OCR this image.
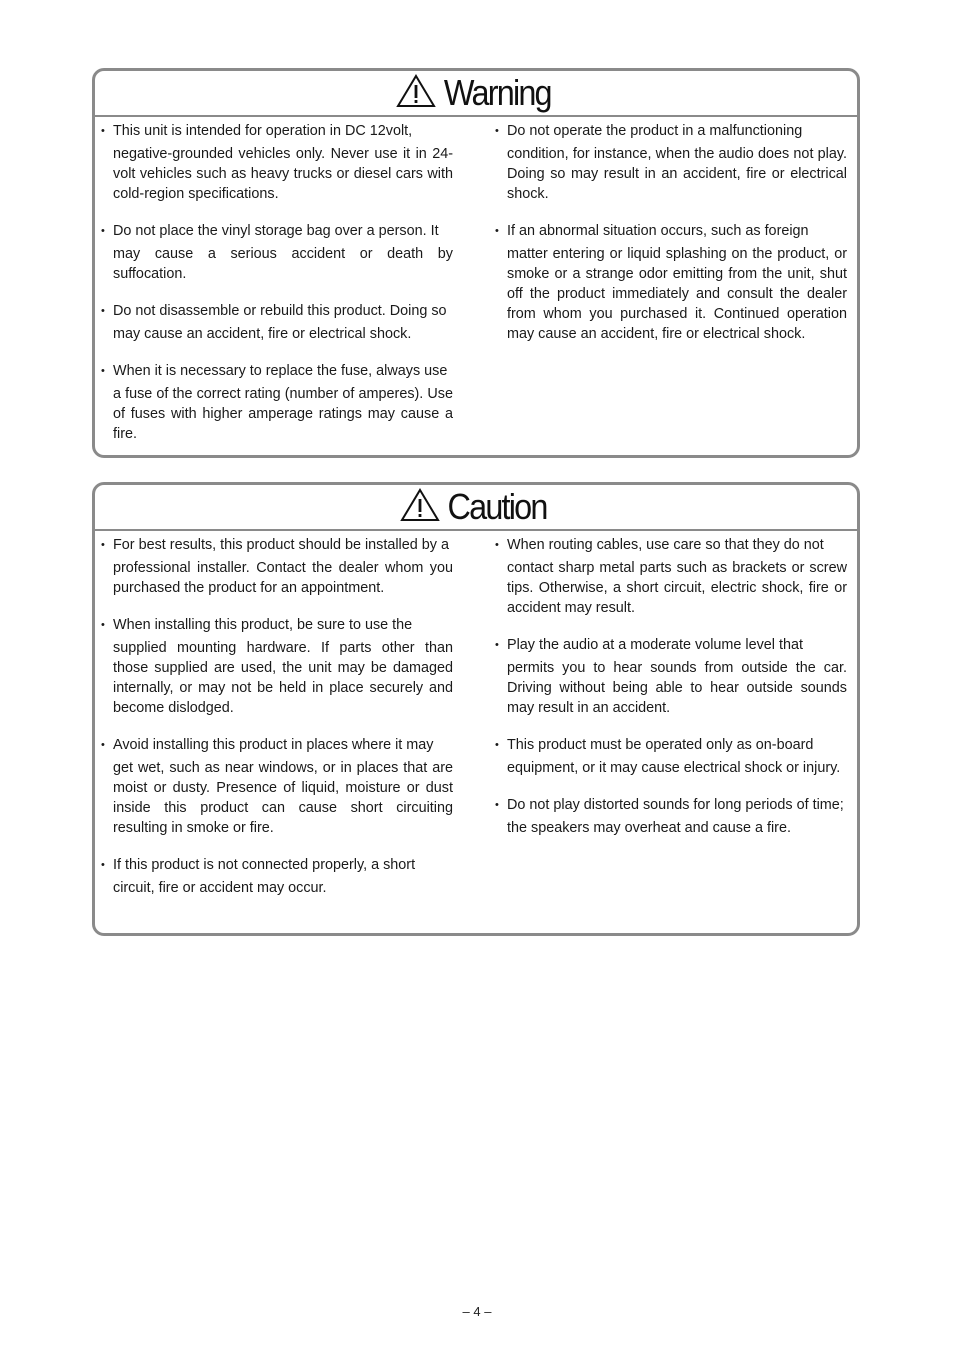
Warning
• This unit is intended for operation in DC 12volt,

negative-grounded vehicles only. Never use it in 24-volt vehicles such as heavy trucks or diesel cars with cold-region specifications.

• Do not place the vinyl storage bag over a person. It

may cause a serious accident or death by suffocation.

• Do not disassemble or rebuild this product. Doing so

may cause an accident, fire or electrical shock.

• When it is necessary to replace the fuse, always use

a fuse of the correct rating (number of amperes). Use of fuses with higher amperage ratings may cause a fire.

• Do not operate the product in a malfunctioning

condition, for instance, when the audio does not play. Doing so may result in an accident, fire or electrical shock.

• If an abnormal situation occurs, such as foreign

matter entering or liquid splashing on the product, or smoke or a strange odor emitting from the unit, shut off the product immediately and consult the dealer from whom you purchased it. Continued operation may cause an accident, fire or electrical shock.

Caution
• For best results, this product should be installed by a

professional installer. Contact the dealer whom you purchased the product for an appointment.

• When installing this product, be sure to use the

supplied mounting hardware. If parts other than those supplied are used, the unit may be damaged internally, or may not be held in place securely and become dislodged.

• Avoid installing this product in places where it may

get wet, such as near windows, or in places that are moist or dusty. Presence of liquid, moisture or dust inside this product can cause short circuiting resulting in smoke or fire.

• If this product is not connected properly, a short

circuit, fire or accident may occur.

• When routing cables, use care so that they do not

contact sharp metal parts such as brackets or screw tips. Otherwise, a short circuit, electric shock, fire or accident may result.

• Play the audio at a moderate volume level that

permits you to hear sounds from outside the car. Driving without being able to hear outside sounds may result in an accident.

• This product must be operated only as on-board

equipment, or it may cause electrical shock or injury.

• Do not play distorted sounds for long periods of time;

the speakers may overheat and cause a fire.

– 4 –
